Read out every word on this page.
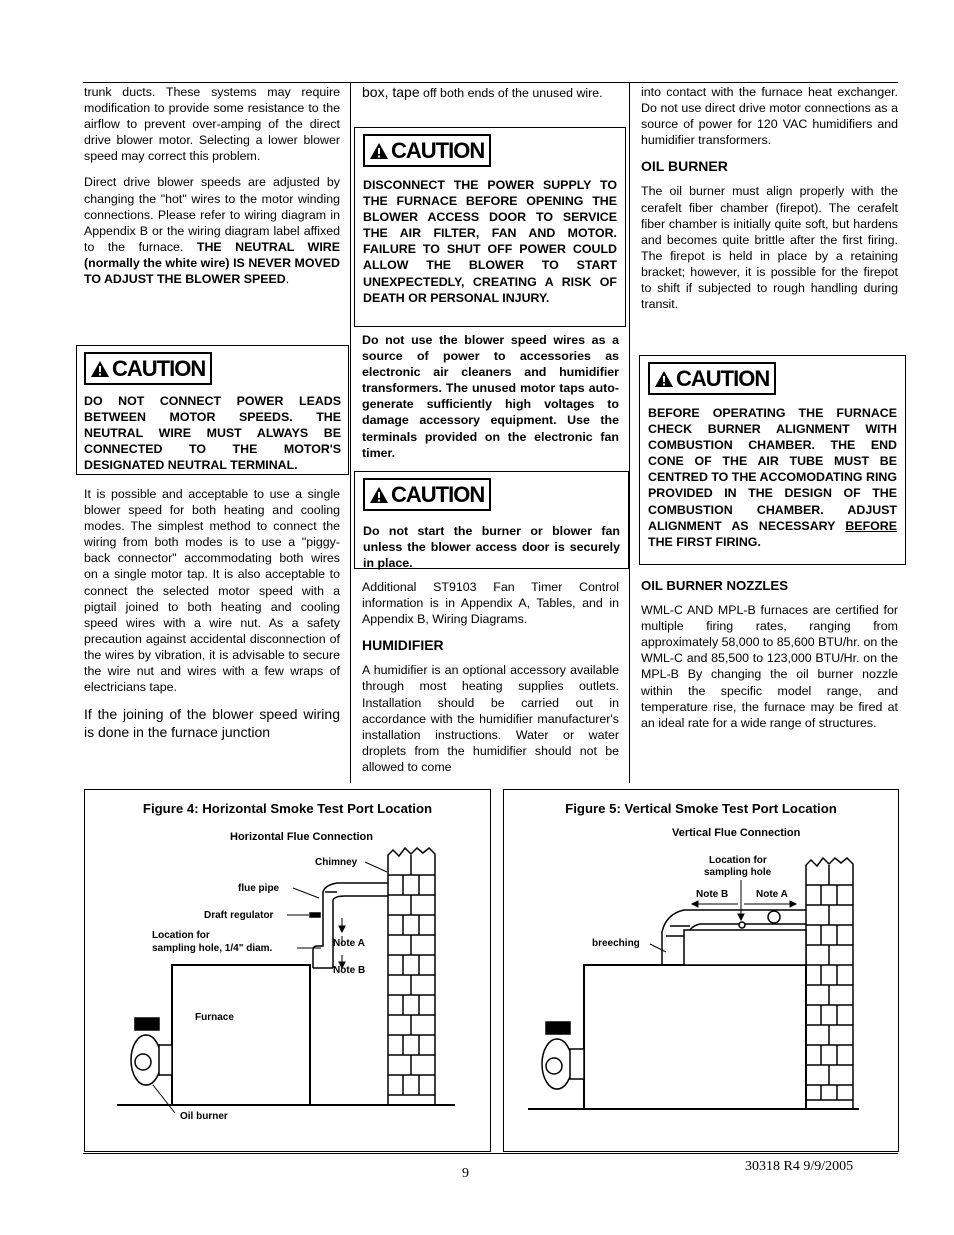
trunk ducts. These systems may require modification to provide some resistance to the airflow to prevent over-amping of the direct drive blower motor. Selecting a lower blower speed may correct this problem.

Direct drive blower speeds are adjusted by changing the "hot" wires to the motor winding connections. Please refer to wiring diagram in Appendix B or the wiring diagram label affixed to the furnace. THE NEUTRAL WIRE (normally the white wire) IS NEVER MOVED TO ADJUST THE BLOWER SPEED.

CAUTION
DO NOT CONNECT POWER LEADS BETWEEN MOTOR SPEEDS. THE NEUTRAL WIRE MUST ALWAYS BE CONNECTED TO THE MOTOR'S DESIGNATED NEUTRAL TERMINAL.

It is possible and acceptable to use a single blower speed for both heating and cooling modes. The simplest method to connect the wiring from both modes is to use a "piggy-back connector" accommodating both wires on a single motor tap. It is also acceptable to connect the selected motor speed with a pigtail joined to both heating and cooling speed wires with a wire nut. As a safety precaution against accidental disconnection of the wires by vibration, it is advisable to secure the wire nut and wires with a few wraps of electricians tape.

If the joining of the blower speed wiring is done in the furnace junction

box, tape off both ends of the unused wire.

CAUTION
DISCONNECT THE POWER SUPPLY TO THE FURNACE BEFORE OPENING THE BLOWER ACCESS DOOR TO SERVICE THE AIR FILTER, FAN AND MOTOR. FAILURE TO SHUT OFF POWER COULD ALLOW THE BLOWER TO START UNEXPECTEDLY, CREATING A RISK OF DEATH OR PERSONAL INJURY.

Do not use the blower speed wires as a source of power to accessories as electronic air cleaners and humidifier transformers. The unused motor taps auto-generate sufficiently high voltages to damage accessory equipment. Use the terminals provided on the electronic fan timer.

CAUTION
Do not start the burner or blower fan unless the blower access door is securely in place.

Additional ST9103 Fan Timer Control information is in Appendix A, Tables, and in Appendix B, Wiring Diagrams.

HUMIDIFIER

A humidifier is an optional accessory available through most heating supplies outlets. Installation should be carried out in accordance with the humidifier manufacturer's installation instructions. Water or water droplets from the humidifier should not be allowed to come

into contact with the furnace heat exchanger. Do not use direct drive motor connections as a source of power for 120 VAC humidifiers and humidifier transformers.

OIL BURNER

The oil burner must align properly with the cerafelt fiber chamber (firepot). The cerafelt fiber chamber is initially quite soft, but hardens and becomes quite brittle after the first firing. The firepot is held in place by a retaining bracket; however, it is possible for the firepot to shift if subjected to rough handling during transit.

CAUTION
BEFORE OPERATING THE FURNACE CHECK BURNER ALIGNMENT WITH COMBUSTION CHAMBER. THE END CONE OF THE AIR TUBE MUST BE CENTRED TO THE ACCOMODATING RING PROVIDED IN THE DESIGN OF THE COMBUSTION CHAMBER. ADJUST ALIGNMENT AS NECESSARY BEFORE THE FIRST FIRING.
OIL BURNER NOZZLES

WML-C AND MPL-B furnaces are certified for multiple firing rates, ranging from approximately 58,000 to 85,600 BTU/hr. on the WML-C and 85,500 to 123,000 BTU/Hr. on the MPL-B By changing the oil burner nozzle within the specific model range, and temperature rise, the furnace may be fired at an ideal rate for a wide range of structures.

Figure 4: Horizontal Smoke Test Port Location
Horizontal Flue Connection
Furnace
Oil burner
Chimney
flue pipe
Draft regulator
Location for
sampling hole, 1/4" diam.	Note A
Note B
Figure 5: Vertical Smoke Test Port Location
Vertical Flue Connection
Location for
sampling hole
Note B	Note A
breeching
9	30318 R4 9/9/2005
